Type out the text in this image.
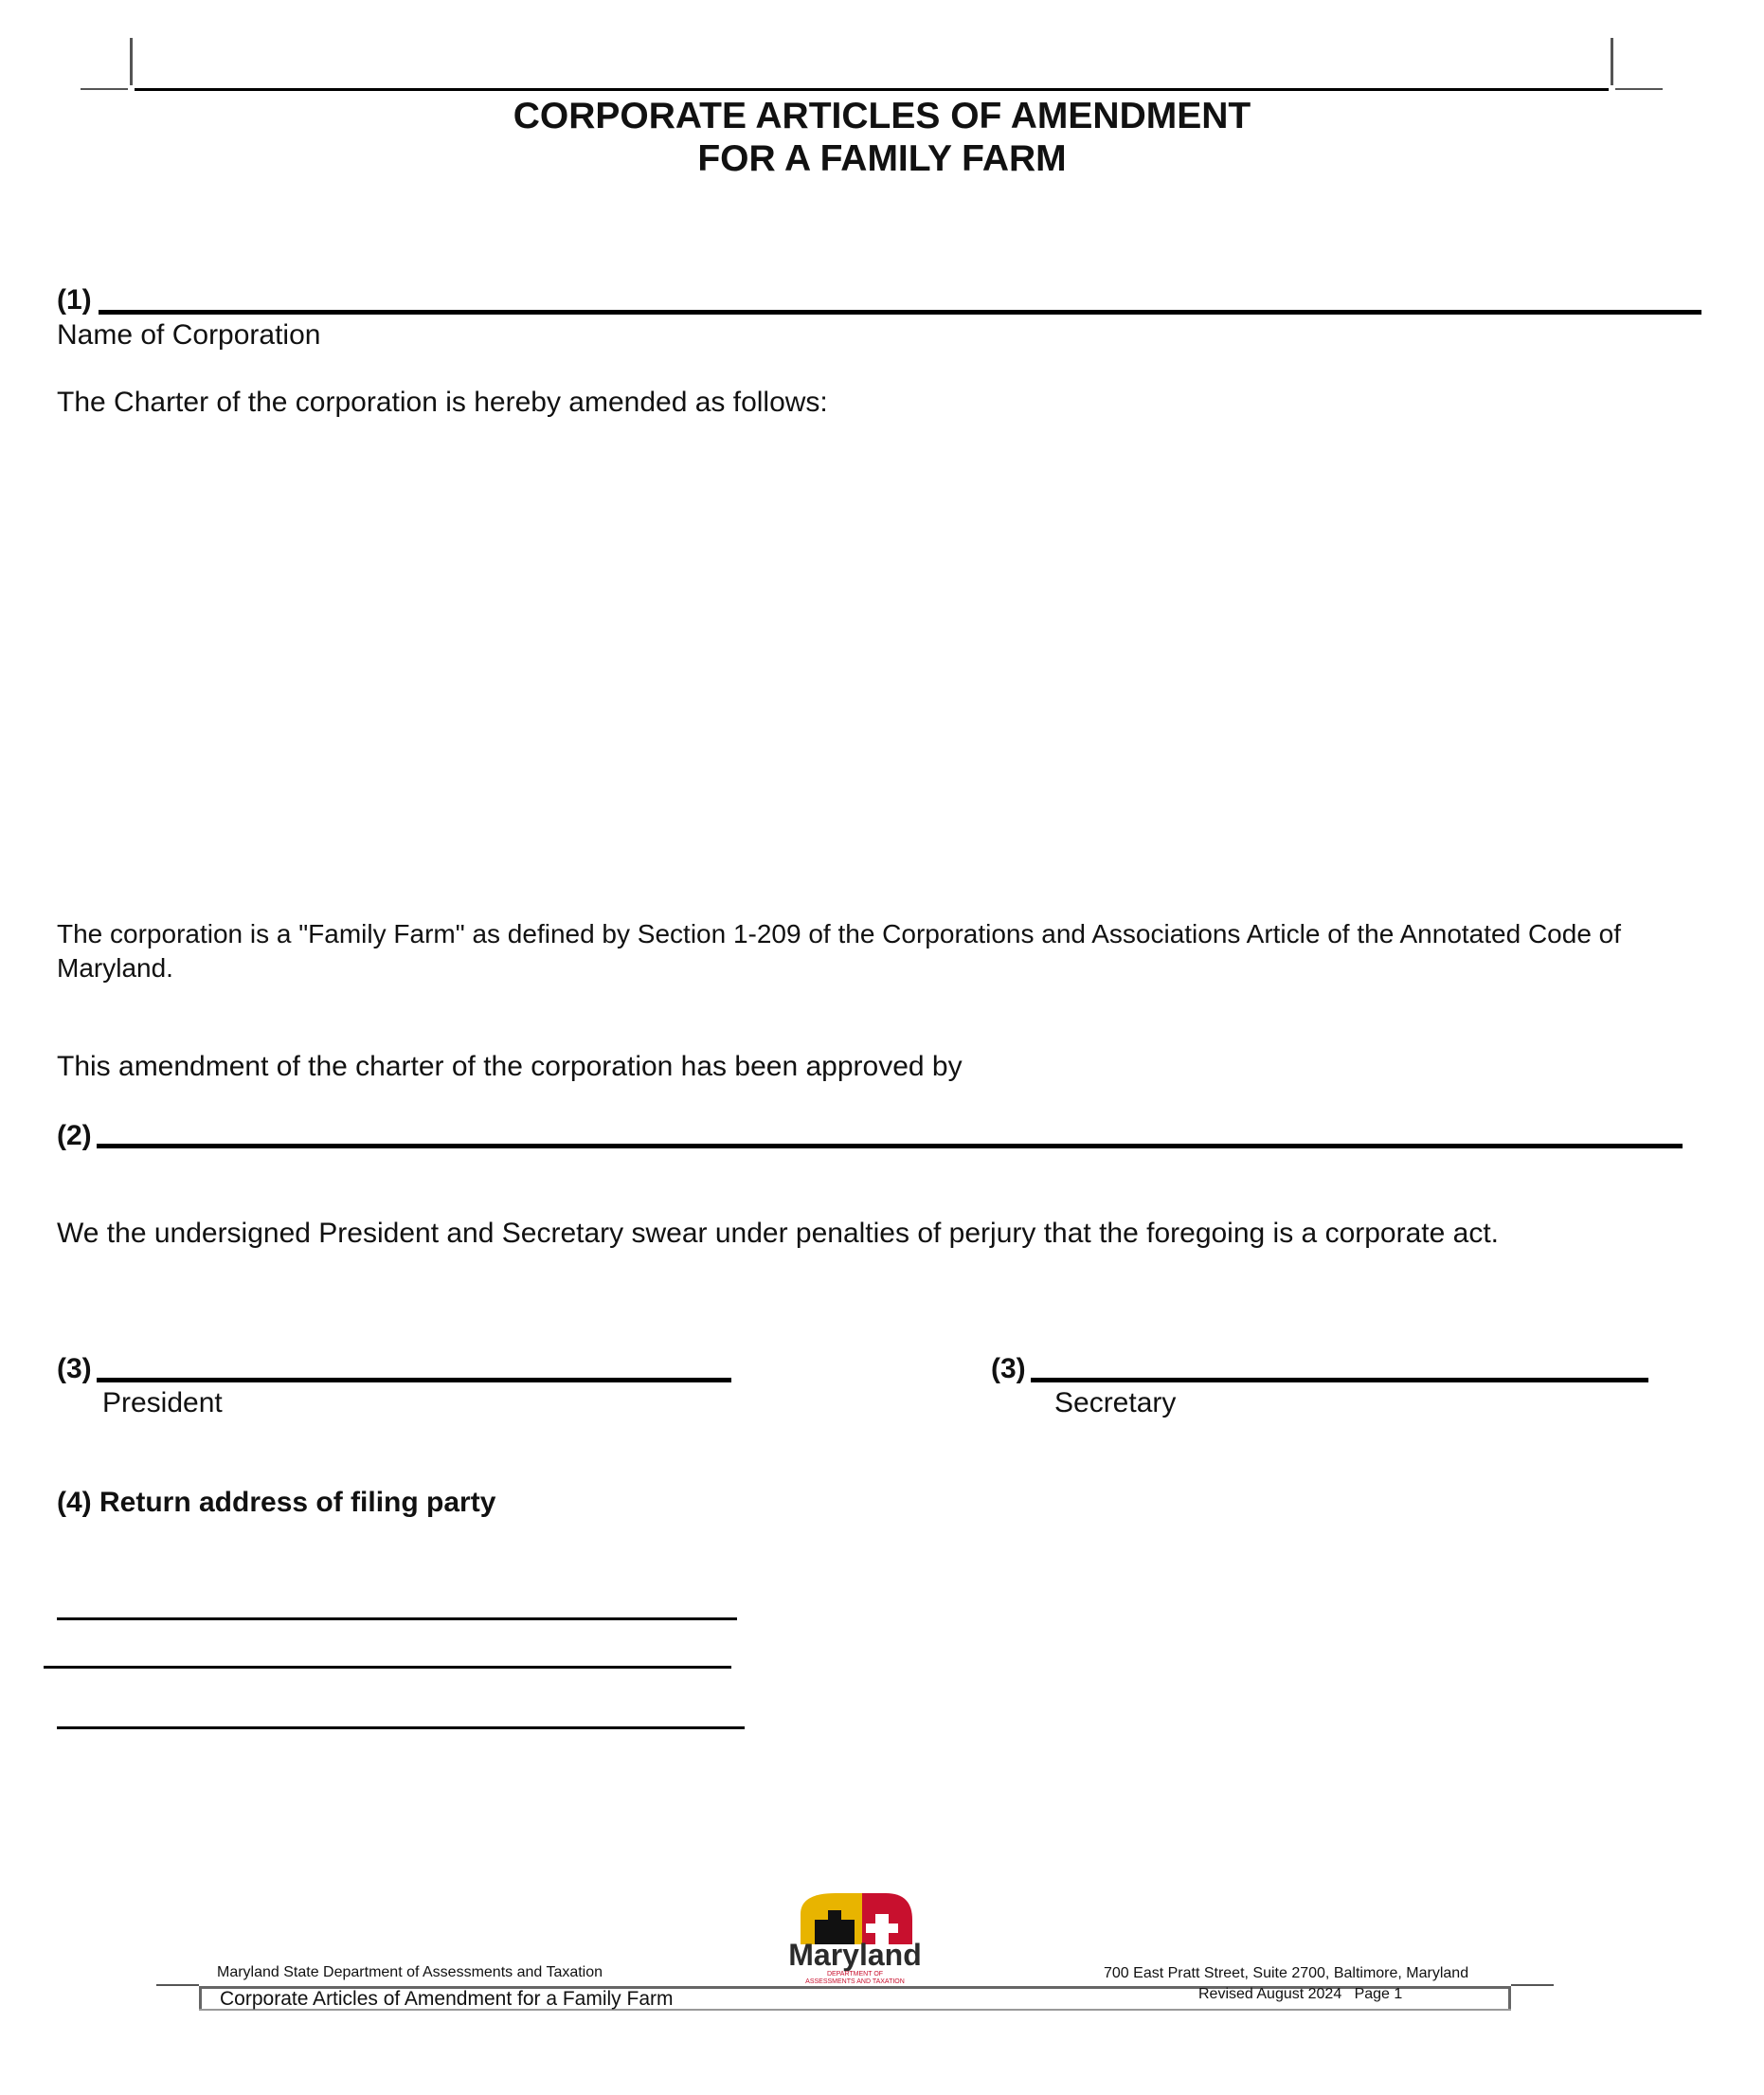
CORPORATE ARTICLES OF AMENDMENT
FOR A FAMILY FARM
(1)
Name of Corporation
The Charter of the corporation is hereby amended as follows:
The corporation is a "Family Farm" as defined by Section 1-209 of the Corporations and Associations Article of the Annotated Code of Maryland.
This amendment of the charter of the corporation has been approved by
(2)
We the undersigned President and Secretary swear under penalties of perjury that the foregoing is a corporate act.
(3)
President
(3)
Secretary
(4) Return address of filing party
Maryland State Department of Assessments and Taxation
Corporate Articles of Amendment for a Family Farm
700 East Pratt Street, Suite 2700, Baltimore, Maryland
Revised August 2024 Page 1
Maryland
DEPARTMENT OF
ASSESSMENTS AND TAXATION
